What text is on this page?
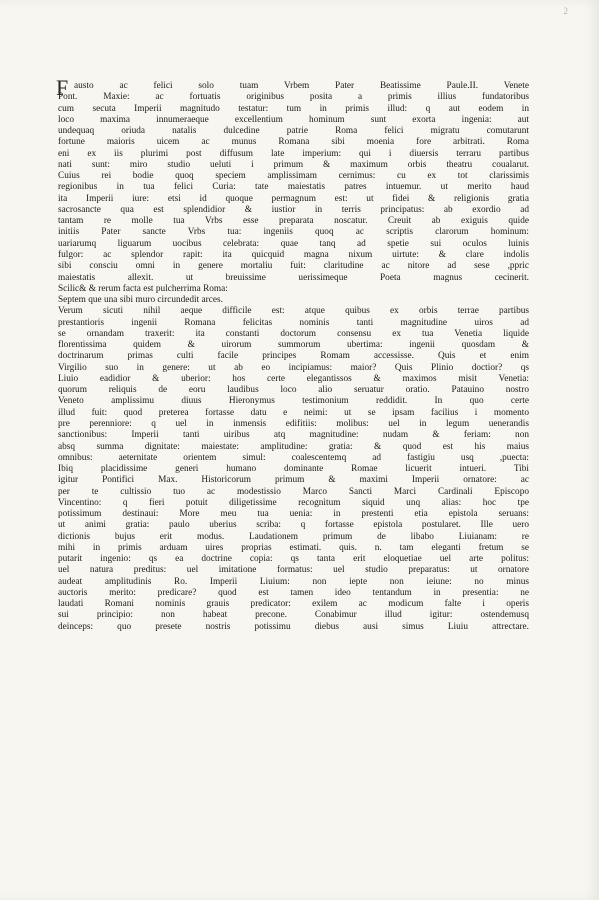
2
F austo ac felici solo tuam Vrbem Pater Beatissime Paule.II. Venete
Pont. Maxie: ac fortuatis originibus posita a primis illius fundatoribus
cum secuta Imperii magnitudo testatur: tum in primis illud: q aut eodem in
loco maxima innumeraeque excellentium hominum sunt exorta ingenia: aut
undequaq oriuda natalis dulcedine patrie Roma felici migratu comutarunt
fortune maioris uicem ac munus Romana sibi moenia fore arbitrati. Roma
eni ex iis plurimi post diffusum late imperium: qui i diuersis terraru partibus
nati sunt: miro studio ueluti i primum & maximum orbis theatru coualarut.
Cuius rei bodie quoq speciem amplissimam cernimus: cu ex tot clarissimis
regionibus in tua felici Curia: tate maiestatis patres intuemur. ut merito haud
ita Imperii iure: etsi id quoque permagnum est: ut fidei & religionis gratia
sacrosancte qua est splendidior & iustior in terris principatus: ab exordio ad
tantam re molle tua Vrbs esse preparata noscatur. Creuit ab exiguis quide
initiis Pater sancte Vrbs tua: ingeniis quoq ac scriptis clarorum hominum:
uariarumq liguarum uocibus celebrata: quae tanq ad spetie sui oculos luinis
fulgor: ac splendor rapit: ita quicquid magna nixum uirtute: & clare indolis
sibi consciu omni in genere mortaliu fuit: claritudine ac nitore ad sese ,ppric
maiestatis allexit. ut breuissime uerissimeque Poeta magnus cecinerit.
Scilic& & rerum facta est pulcherrima Roma:
Septem que una sibi muro circundedit arces.
Verum sicuti nihil aeque difficile est: atque quibus ex orbis terrae partibus
prestantioris ingenii Romana felicitas nominis tanti magnitudine uiros ad
se ornandam traxerit: ita constanti doctorum consensu ex tua Venetia liquide
florentissima quidem & uirorum summorum ubertima: ingenii quosdam &
doctrinarum primas culti facile principes Romam accessisse. Quis et enim
Virgilio suo in genere: ut ab eo incipiamus: maior? Quis Plinio doctior? qs
Liuio eadidior & uberior: hos certe elegantissos & maximos misit Venetia:
quorum reliquis de eoru laudibus loco alio seruatur oratio. Patauino nostro
Veneto amplissimu diuus Hieronymus testimonium reddidit. In quo certe
illud fuit: quod preterea fortasse datu e neimi: ut se ipsam facilius i momento
pre perenniore: q uel in inmensis edifitiis: molibus: uel in legum uenerandis
sanctionibus: Imperii tanti uiribus atq magnitudine: nudam & feriam: non
absq summa dignitate: maiestate: amplitudine: gratia: & quod est his maius
omnibus: aeternitate orientem simul: coalescentemq ad fastigiu usq ,puecta:
Ibiq placidissime generi humano dominante Romae licuerit intueri. Tibi
igitur Pontifici Max. Historicorum primum & maximi Imperii ornatore: ac
per te cultissio tuo ac modestissio Marco Sancti Marci Cardinali Episcopo
Vincentino: q fieri potuit diligetissime recognitum siquid unq alias: hoc tpe
potissimum destinaui: More meu tua uenia: in prestenti etia epistola seruans:
ut animi gratia: paulo uberius scriba: q fortasse epistola postularet. Ille uero
dictionis bujus erit modus. Laudationem primum de libabo Liuianam: re
mihi in primis arduam uires proprias estimati. quis. n. tam eleganti fretum se
putarit ingenio: qs ea doctrine copia: qs tanta erit eloquetiae uel arte politus:
uel natura preditus: uel imitatione formatus: uel studio preparatus: ut ornatore
audeat amplitudinis Ro. Imperii Liuium: non iepte non ieiune: no minus
auctoris merito: predicare? quod est tamen ideo tentandum in presentia: ne
laudati Romani nominis grauis predicator: exilem ac modicum falte i operis
sui principio: non habeat precone. Conabimur illud igitur: ostendemusq
deinceps: quo presete nostris potissimu diebus ausi simus Liuiu attrectare.
